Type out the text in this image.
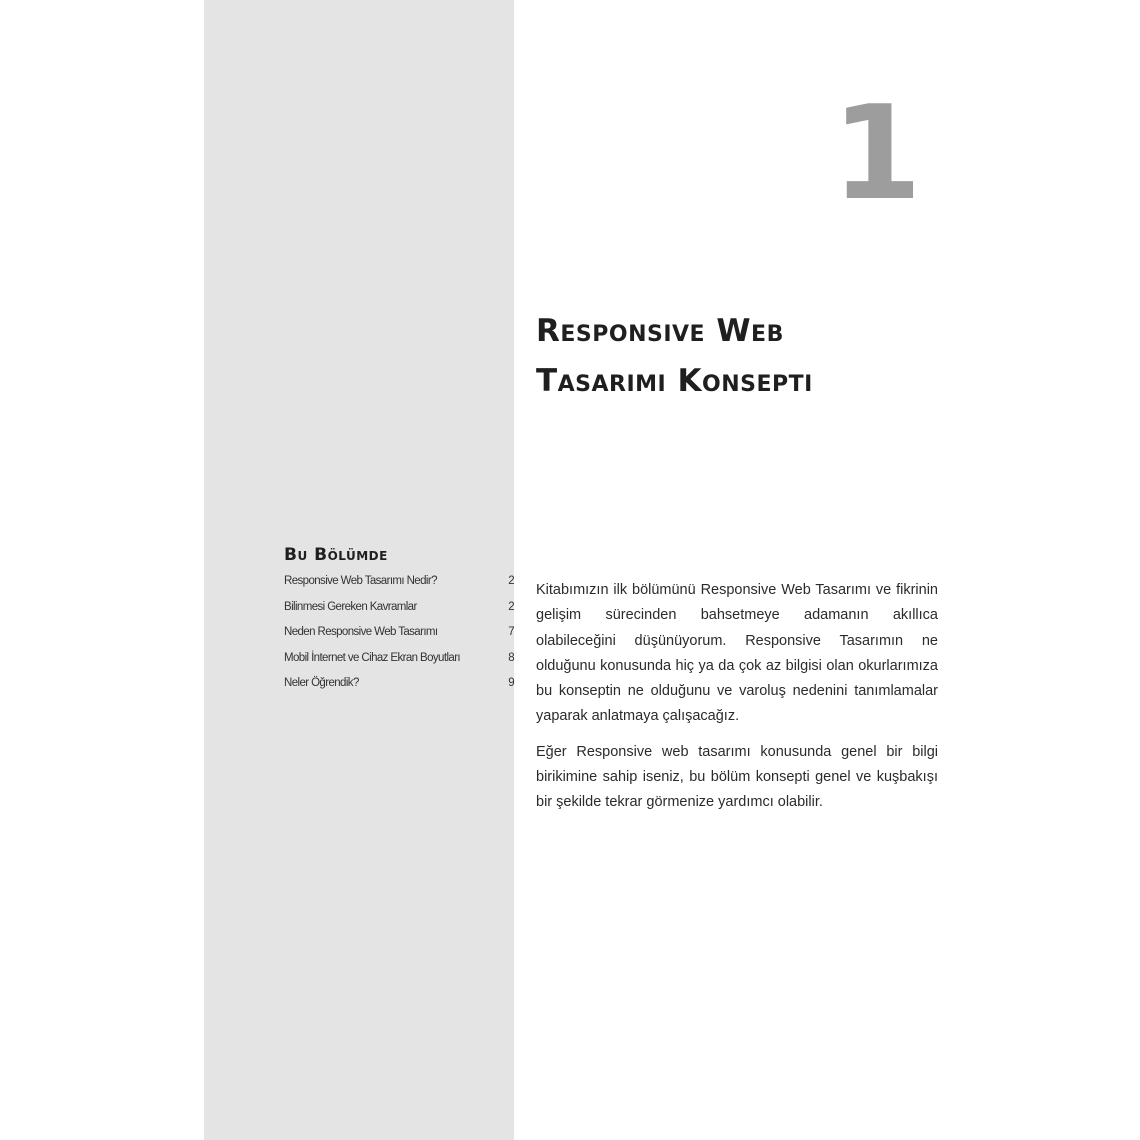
1
Responsive Web
Tasarımı Konsepti
Bu Bölümde
Responsive Web Tasarımı Nedir?	2
Bilinmesi Gereken Kavramlar	2
Neden Responsive Web Tasarımı	7
Mobil İnternet ve Cihaz Ekran Boyutları	8
Neler Öğrendik?	9

Kitabımızın ilk bölümünü Responsive Web Tasarımı ve fikrinin gelişim sürecinden bahsetmeye adamanın akıllıca olabileceğini düşünüyorum. Responsive Tasarımın ne olduğunu konusunda hiç ya da çok az bilgisi olan okurlarımıza bu konseptin ne olduğunu ve varoluş nedenini tanımlamalar yaparak anlatmaya çalışacağız.

Eğer Responsive web tasarımı konusunda genel bir bilgi birikimine sahip iseniz, bu bölüm konsepti genel ve kuşbakışı bir şekilde tekrar görmenize yardımcı olabilir.
